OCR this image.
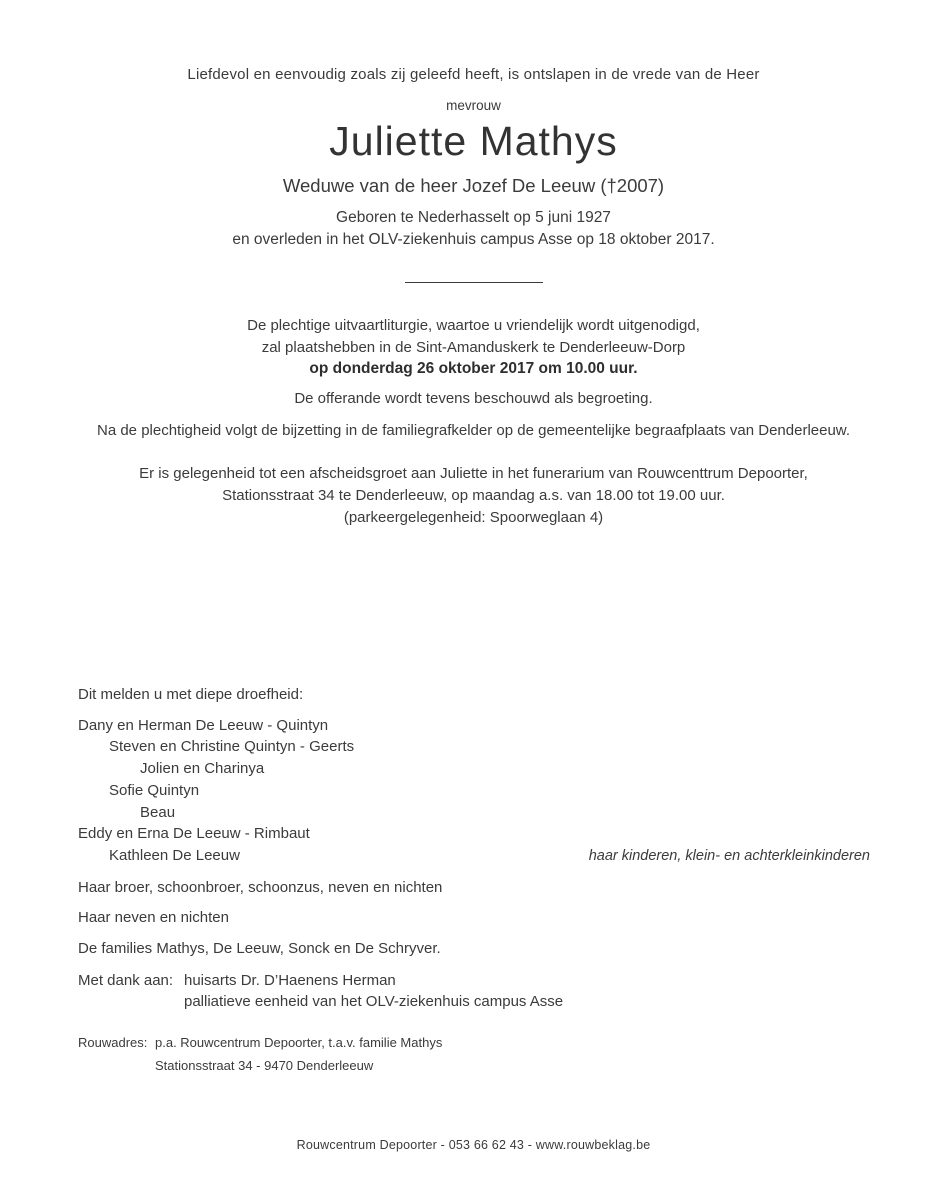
Liefdevol en eenvoudig zoals zij geleefd heeft, is ontslapen in de vrede van de Heer

mevrouw

Juliette Mathys

Weduwe van de heer Jozef De Leeuw (†2007)

Geboren te Nederhasselt op 5 juni 1927

en overleden in het OLV-ziekenhuis campus Asse op 18 oktober 2017.

De plechtige uitvaartliturgie, waartoe u vriendelijk wordt uitgenodigd,

zal plaatshebben in de Sint-Amanduskerk te Denderleeuw-Dorp

op donderdag 26 oktober 2017 om 10.00 uur.

De offerande wordt tevens beschouwd als begroeting.

Na de plechtigheid volgt de bijzetting in de familiegrafkelder op de gemeentelijke begraafplaats van Denderleeuw.

Er is gelegenheid tot een afscheidsgroet aan Juliette in het funerarium van Rouwcenttrum Depoorter,

Stationsstraat 34 te Denderleeuw, op maandag a.s. van 18.00 tot 19.00 uur.

(parkeergelegenheid: Spoorweglaan 4)

Dit melden u met diepe droefheid:

Dany en Herman De Leeuw - Quintyn
Steven en Christine Quintyn - Geerts
Jolien en Charinya
Sofie Quintyn
Beau
Eddy en Erna De Leeuw - Rimbaut
Kathleen De Leeuw	haar kinderen, klein- en achterkleinkinderen

Haar broer, schoonbroer, schoonzus, neven en nichten

Haar neven en nichten

De families Mathys, De Leeuw, Sonck en De Schryver.

Met dank aan: huisarts Dr. D’Haenens Herman

palliatieve eenheid van het OLV-ziekenhuis campus Asse

Rouwadres: p.a. Rouwcentrum Depoorter, t.a.v. familie Mathys

Stationsstraat 34 - 9470 Denderleeuw

Rouwcentrum Depoorter - 053 66 62 43 - www.rouwbeklag.be
